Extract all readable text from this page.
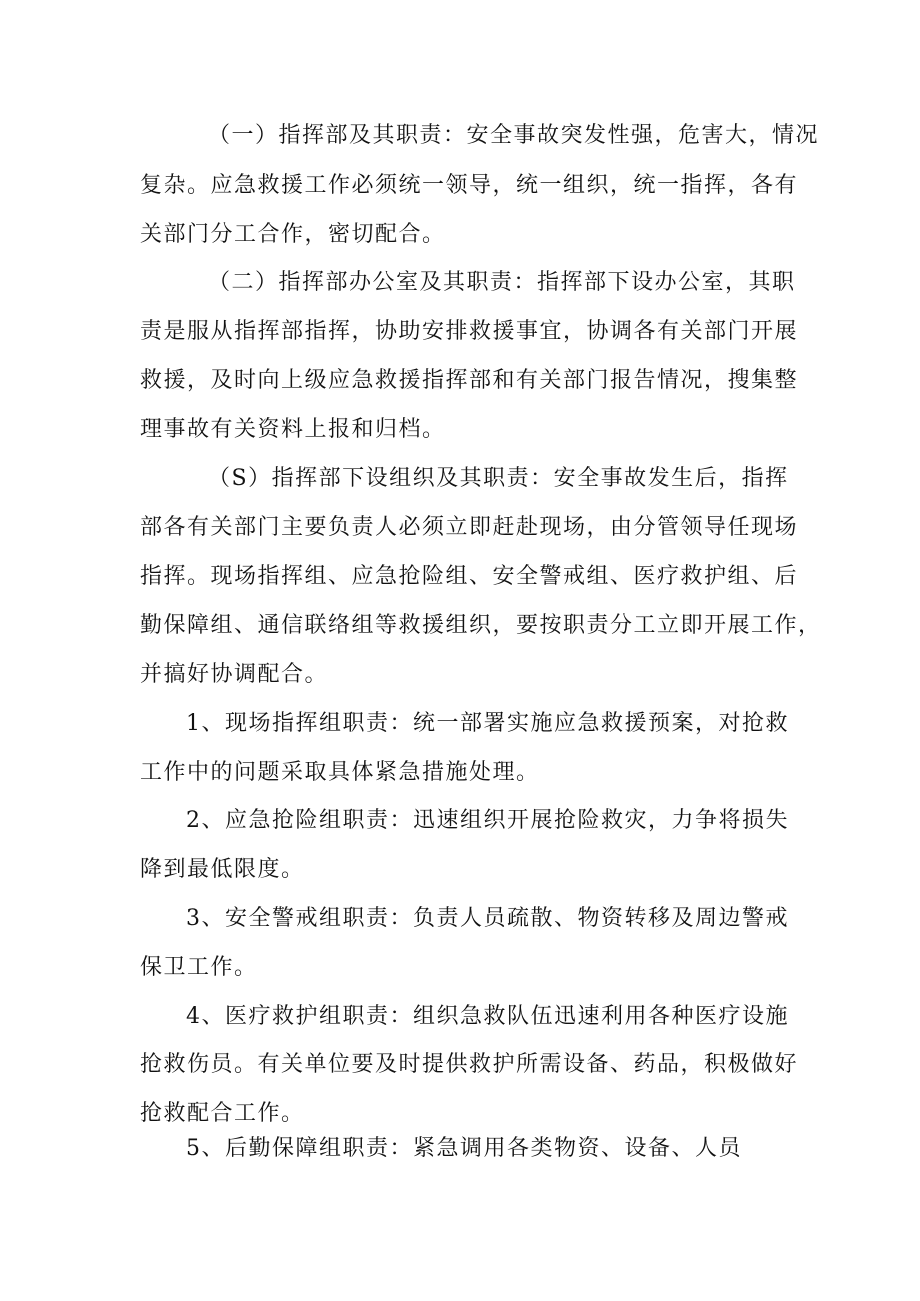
（一）指挥部及其职责：安全事故突发性强，危害大，情况
复杂。应急救援工作必须统一领导，统一组织，统一指挥，各有
关部门分工合作，密切配合。
（二）指挥部办公室及其职责：指挥部下设办公室，其职
责是服从指挥部指挥，协助安排救援事宜，协调各有关部门开展
救援，及时向上级应急救援指挥部和有关部门报告情况，搜集整
理事故有关资料上报和归档。
（S）指挥部下设组织及其职责：安全事故发生后，指挥
部各有关部门主要负责人必须立即赶赴现场，由分管领导任现场
指挥。现场指挥组、应急抢险组、安全警戒组、医疗救护组、后
勤保障组、通信联络组等救援组织，要按职责分工立即开展工作，
并搞好协调配合。
1、现场指挥组职责：统一部署实施应急救援预案，对抢救
工作中的问题采取具体紧急措施处理。
2、应急抢险组职责：迅速组织开展抢险救灾，力争将损失
降到最低限度。
3、安全警戒组职责：负责人员疏散、物资转移及周边警戒
保卫工作。
4、医疗救护组职责：组织急救队伍迅速利用各种医疗设施
抢救伤员。有关单位要及时提供救护所需设备、药品，积极做好
抢救配合工作。
5、后勤保障组职责：紧急调用各类物资、设备、人员
